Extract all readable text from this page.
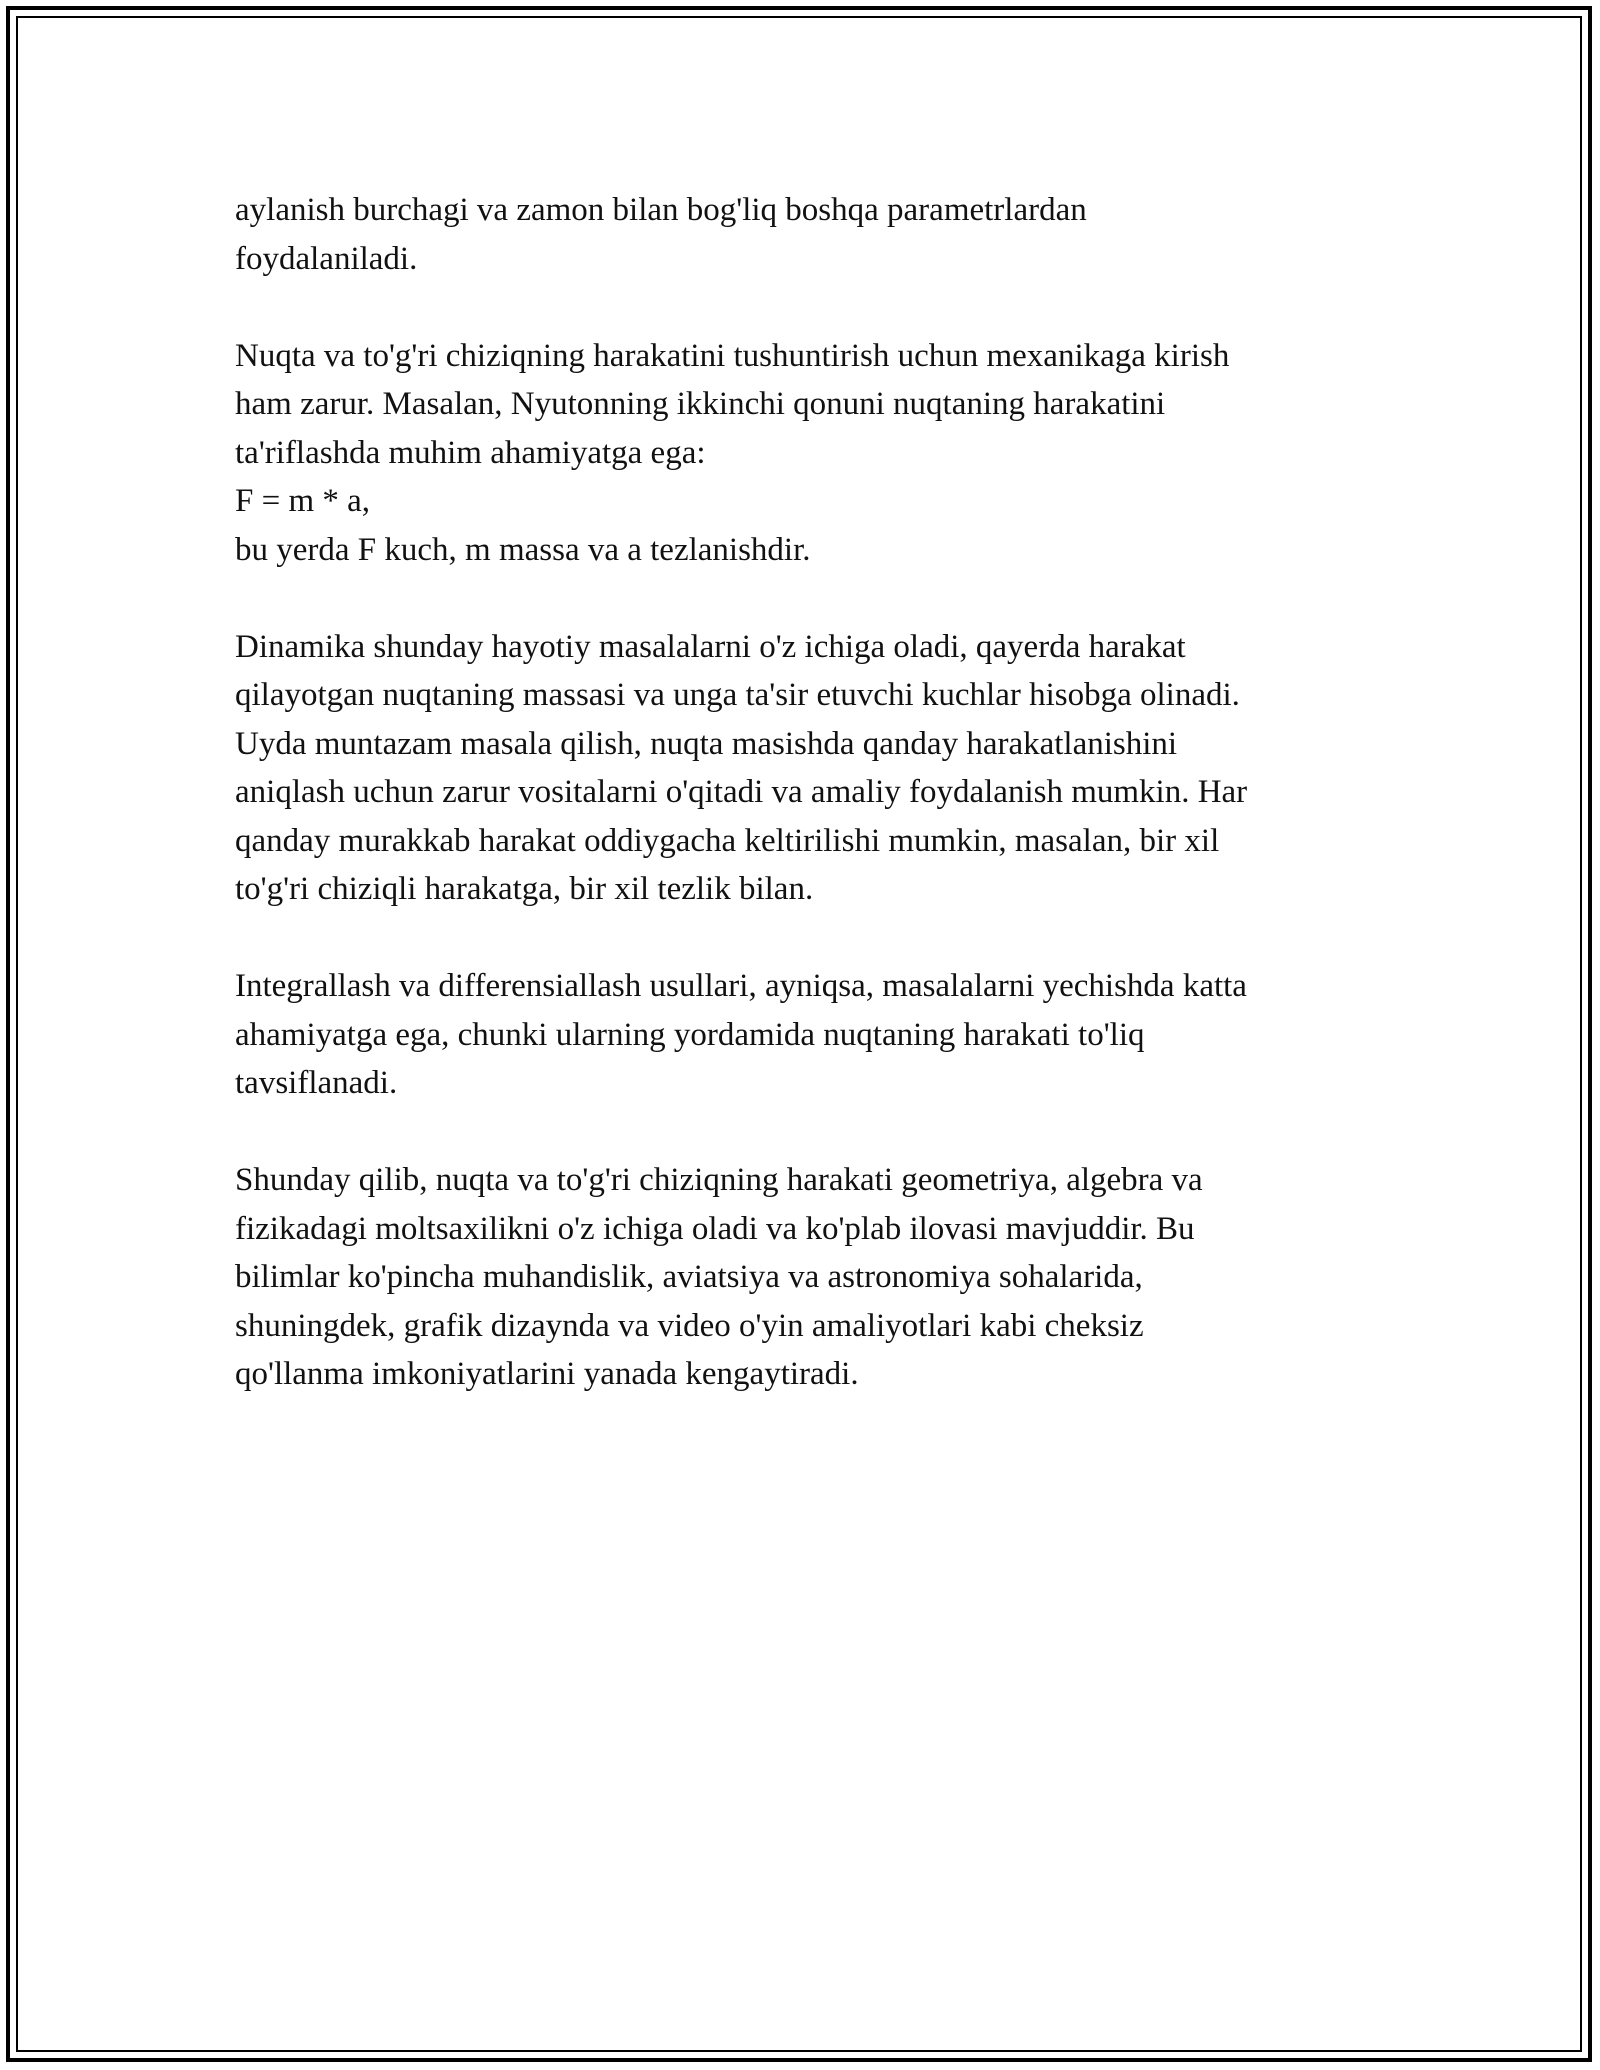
aylanish burchagi va zamon bilan bog'liq boshqa parametrlardan
foydalaniladi.

Nuqta va to'g'ri chiziqning harakatini tushuntirish uchun mexanikaga kirish
ham zarur. Masalan, Nyutonning ikkinchi qonuni nuqtaning harakatini
ta'riflashda muhim ahamiyatga ega:
F = m * a,
bu yerda F kuch, m massa va a tezlanishdir.

Dinamika shunday hayotiy masalalarni o'z ichiga oladi, qayerda harakat
qilayotgan nuqtaning massasi va unga ta'sir etuvchi kuchlar hisobga olinadi.
Uyda muntazam masala qilish, nuqta masishda qanday harakatlanishini
aniqlash uchun zarur vositalarni o'qitadi va amaliy foydalanish mumkin. Har
qanday murakkab harakat oddiygacha keltirilishi mumkin, masalan, bir xil
to'g'ri chiziqli harakatga, bir xil tezlik bilan.

Integrallash va differensiallash usullari, ayniqsa, masalalarni yechishda katta
ahamiyatga ega, chunki ularning yordamida nuqtaning harakati to'liq
tavsiflanadi.

Shunday qilib, nuqta va to'g'ri chiziqning harakati geometriya, algebra va
fizikadagi moltsaxilikni o'z ichiga oladi va ko'plab ilovasi mavjuddir. Bu
bilimlar ko'pincha muhandislik, aviatsiya va astronomiya sohalarida,
shuningdek, grafik dizaynda va video o'yin amaliyotlari kabi cheksiz
qo'llanma imkoniyatlarini yanada kengaytiradi.
